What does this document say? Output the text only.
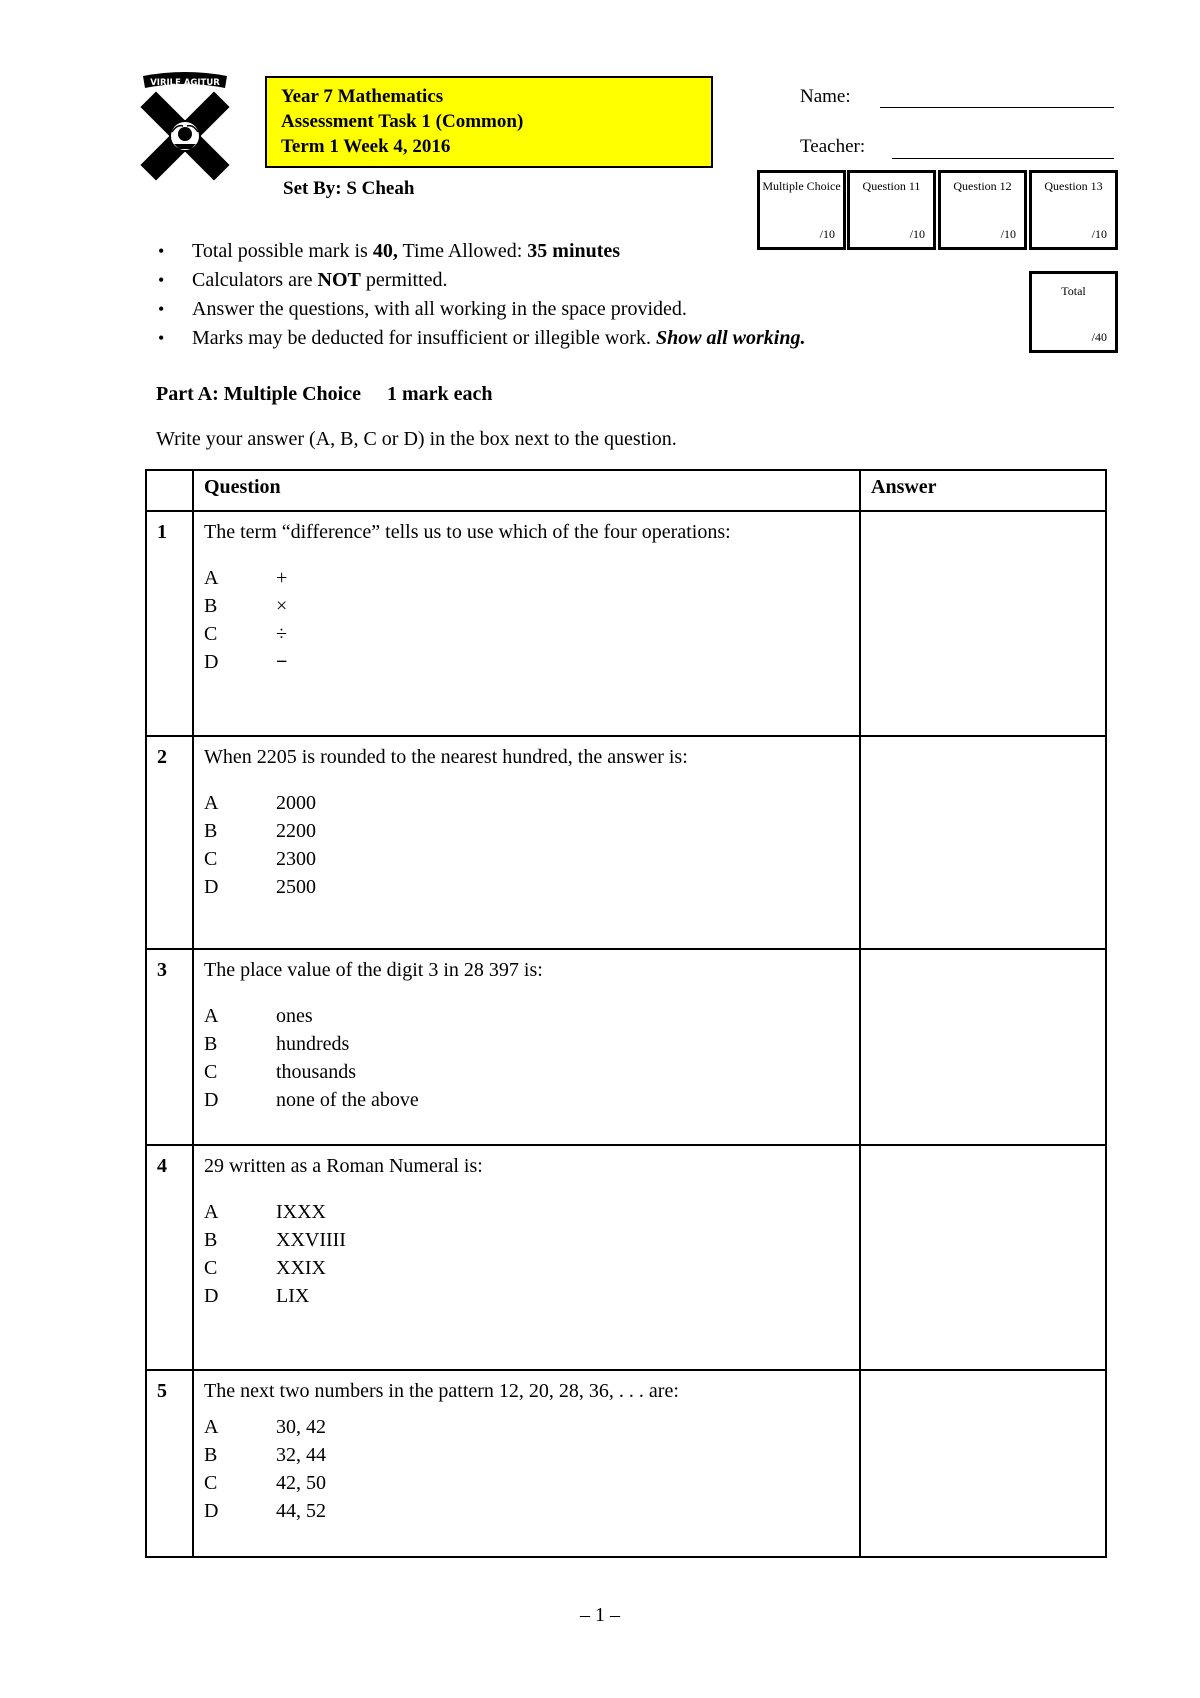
VIRILE AGITUR
Year 7 Mathematics
Assessment Task 1 (Common)
Term 1 Week 4, 2016
Set By: S Cheah
Name:
Teacher:
Multiple Choice
/10
Question 11
/10
Question 12
/10
Question 13
/10
Total
/40
• Total possible mark is 40, Time Allowed: 35 minutes
• Calculators are NOT permitted.
• Answer the questions, with all working in the space provided.
• Marks may be deducted for insufficient or illegible work. Show all working.
Part A: Multiple Choice 1 mark each
Write your answer (A, B, C or D) in the box next to the question.
	Question	Answer
1	The term “difference” tells us to use which of the four operations:
A +
B ×
C ÷
D −	

2	When 2205 is rounded to the nearest hundred, the answer is:
A 2000
B 2200
C 2300
D 2500	

3	The place value of the digit 3 in 28 397 is:
A ones
B hundreds
C thousands
D none of the above	

4	29 written as a Roman Numeral is:
A IXXX
B XXVIIII
C XXIX
D LIX	

5	The next two numbers in the pattern 12, 20, 28, 36, . . . are:
A 30, 42
B 32, 44
C 42, 50
D 44, 52	

– 1 –
